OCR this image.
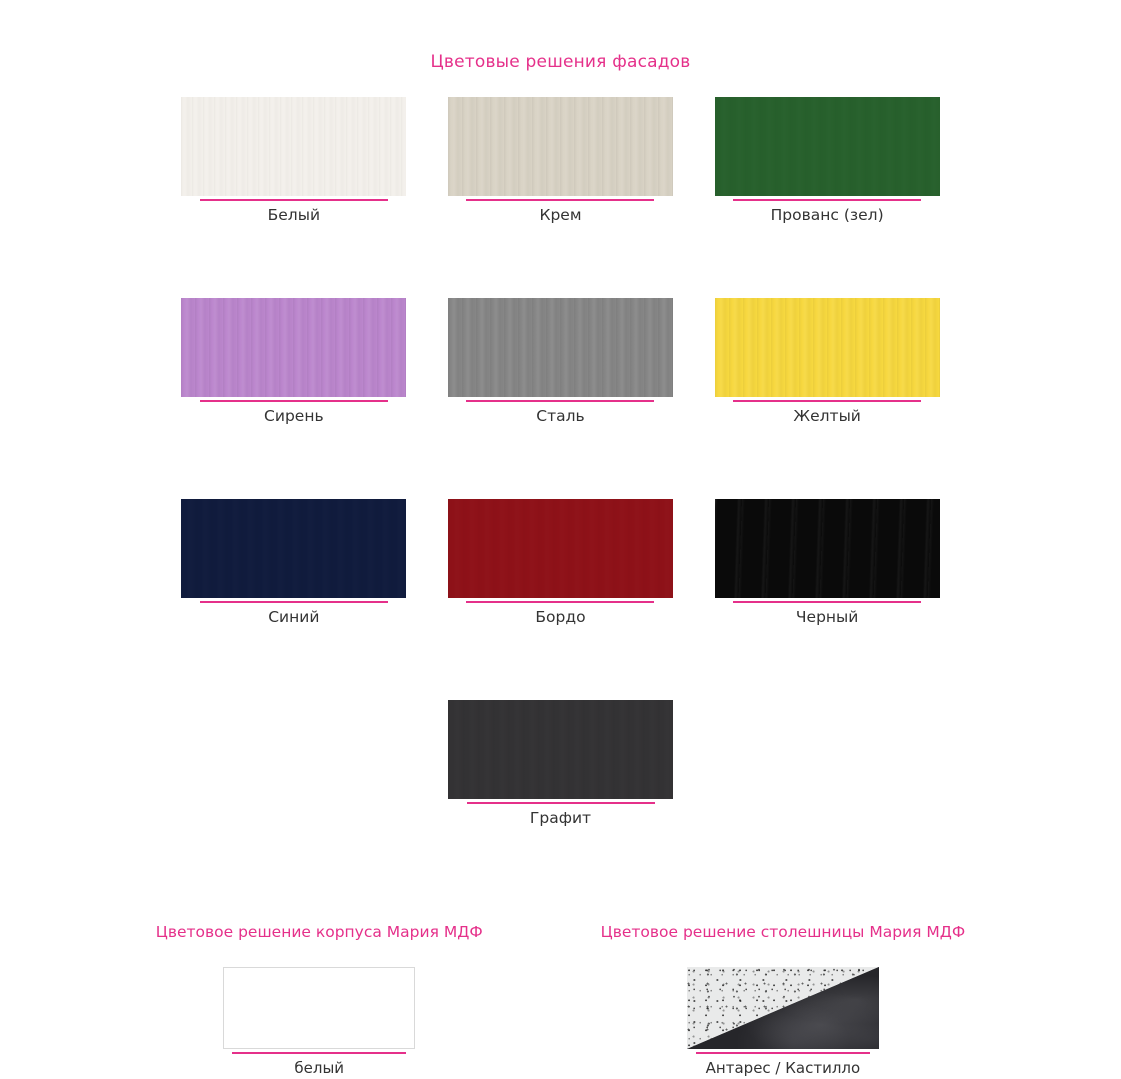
Цветовые решения фасадов
Белый	Крем	Прованс (зел)
Сирень	Сталь	Желтый
Синий	Бордо	Черный
Графит
Цветовое решение корпуса Мария МДФ
белый
Цветовое решение столешницы Мария МДФ
Антарес / Кастилло
